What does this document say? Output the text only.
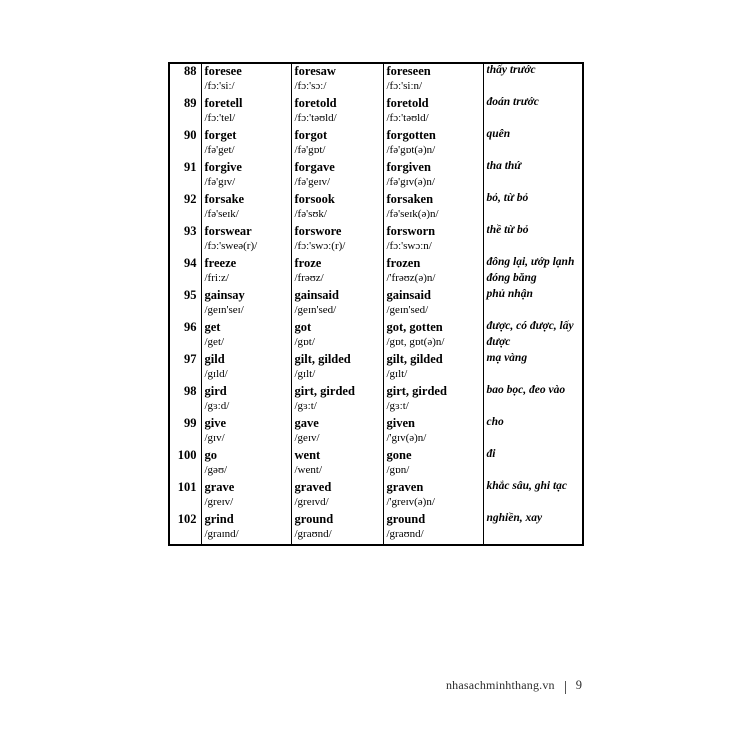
88	foresee	foresaw	foreseen	thấy trước

	/fɔː'siː/	/fɔː'sɔː/	/fɔː'siːn/	

89	foretell	foretold	foretold	đoán trước

	/fɔː'tel/	/fɔː'təʊld/	/fɔː'təʊld/	

90	forget	forgot	forgotten	quên

	/fə'get/	/fə'gɒt/	/fə'gɒt(ə)n/	

91	forgive	forgave	forgiven	tha thứ

	/fə'gɪv/	/fə'geɪv/	/fə'gɪv(ə)n/	

92	forsake	forsook	forsaken	bỏ, từ bỏ

	/fə'seɪk/	/fə'sʊk/	/fə'seɪk(ə)n/	

93	forswear	forswore	forsworn	thề từ bỏ

	/fɔː'sweə(r)/	/fɔː'swɔː(r)/	/fɔː'swɔːn/	

94	freeze	froze	frozen	đông lại, ướp lạnh

	/friːz/	/frəʊz/	/'frəʊz(ə)n/	đóng băng

95	gainsay	gainsaid	gainsaid	phủ nhận

	/geɪn'seɪ/	/geɪn'sed/	/geɪn'sed/	

96	get	got	got, gotten	được, có được, lấy

	/get/	/gɒt/	/gɒt, gɒt(ə)n/	được

97	gild	gilt, gilded	gilt, gilded	mạ vàng

	/gɪld/	/gɪlt/	/gɪlt/	

98	gird	girt, girded	girt, girded	bao bọc, đeo vào

	/gɜːd/	/gɜːt/	/gɜːt/	

99	give	gave	given	cho

	/gɪv/	/geɪv/	/'gɪv(ə)n/	

100	go	went	gone	đi

	/gəʊ/	/went/	/gɒn/	

101	grave	graved	graven	khắc sâu, ghi tạc

	/greɪv/	/greɪvd/	/'greɪv(ə)n/	

102	grind	ground	ground	nghiền, xay

	/graɪnd/	/graʊnd/	/graʊnd/	

nhasachminhthang.vn 9
